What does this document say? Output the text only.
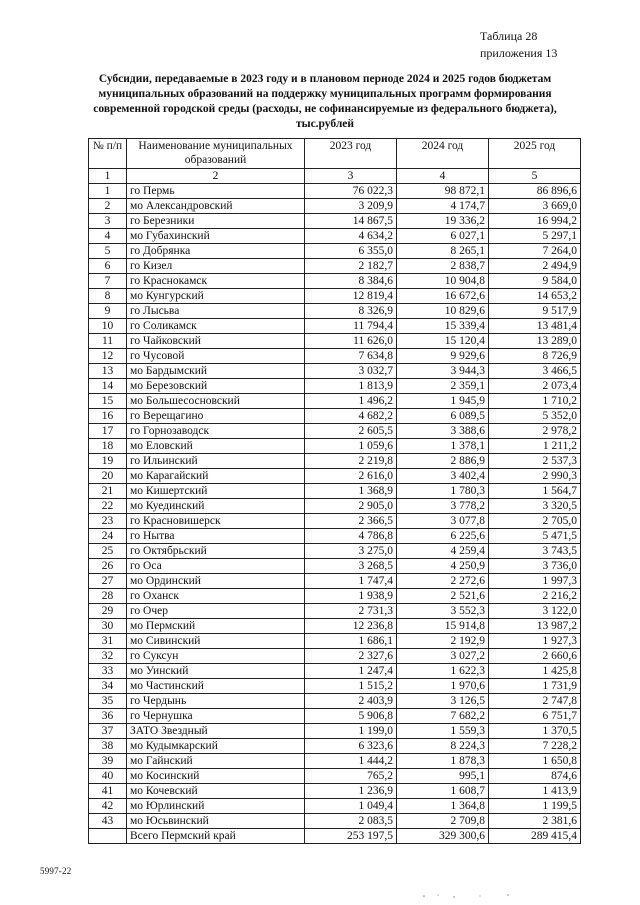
Таблица 28
приложения 13
Субсидии, передаваемые в 2023 году и в плановом периоде 2024 и 2025 годов бюджетам муниципальных образований на поддержку муниципальных программ формирования современной городской среды (расходы, не софинансируемые из федерального бюджета), тыс.рублей
№ п/п	Наименование муниципальных образований	2023 год	2024 год	2025 год
1	2	3	4	5
1	го Пермь	76 022,3	98 872,1	86 896,6
2	мо Александровский	3 209,9	4 174,7	3 669,0
3	го Березники	14 867,5	19 336,2	16 994,2
4	мо Губахинский	4 634,2	6 027,1	5 297,1
5	го Добрянка	6 355,0	8 265,1	7 264,0
6	го Кизел	2 182,7	2 838,7	2 494,9
7	го Краснокамск	8 384,6	10 904,8	9 584,0
8	мо Кунгурский	12 819,4	16 672,6	14 653,2
9	го Лысьва	8 326,9	10 829,6	9 517,9
10	го Соликамск	11 794,4	15 339,4	13 481,4
11	го Чайковский	11 626,0	15 120,4	13 289,0
12	го Чусовой	7 634,8	9 929,6	8 726,9
13	мо Бардымский	3 032,7	3 944,3	3 466,5
14	мо Березовский	1 813,9	2 359,1	2 073,4
15	мо Большесосновский	1 496,2	1 945,9	1 710,2
16	го Верещагино	4 682,2	6 089,5	5 352,0
17	го Горнозаводск	2 605,5	3 388,6	2 978,2
18	мо Еловский	1 059,6	1 378,1	1 211,2
19	го Ильинский	2 219,8	2 886,9	2 537,3
20	мо Карагайский	2 616,0	3 402,4	2 990,3
21	мо Кишертский	1 368,9	1 780,3	1 564,7
22	мо Куединский	2 905,0	3 778,2	3 320,5
23	го Красновишерск	2 366,5	3 077,8	2 705,0
24	го Нытва	4 786,8	6 225,6	5 471,5
25	го Октябрьский	3 275,0	4 259,4	3 743,5
26	го Оса	3 268,5	4 250,9	3 736,0
27	мо Ординский	1 747,4	2 272,6	1 997,3
28	го Оханск	1 938,9	2 521,6	2 216,2
29	го Очер	2 731,3	3 552,3	3 122,0
30	мо Пермский	12 236,8	15 914,8	13 987,2
31	мо Сивинский	1 686,1	2 192,9	1 927,3
32	го Суксун	2 327,6	3 027,2	2 660,6
33	мо Уинский	1 247,4	1 622,3	1 425,8
34	мо Частинский	1 515,2	1 970,6	1 731,9
35	го Чердынь	2 403,9	3 126,5	2 747,8
36	го Чернушка	5 906,8	7 682,2	6 751,7
37	ЗАТО Звездный	1 199,0	1 559,3	1 370,5
38	мо Кудымкарский	6 323,6	8 224,3	7 228,2
39	мо Гайнский	1 444,2	1 878,3	1 650,8
40	мо Косинский	765,2	995,1	874,6
41	мо Кочевский	1 236,9	1 608,7	1 413,9
42	мо Юрлинский	1 049,4	1 364,8	1 199,5
43	мо Юсьвинский	2 083,5	2 709,8	2 381,6
	Всего Пермский край	253 197,5	329 300,6	289 415,4
5997-22
